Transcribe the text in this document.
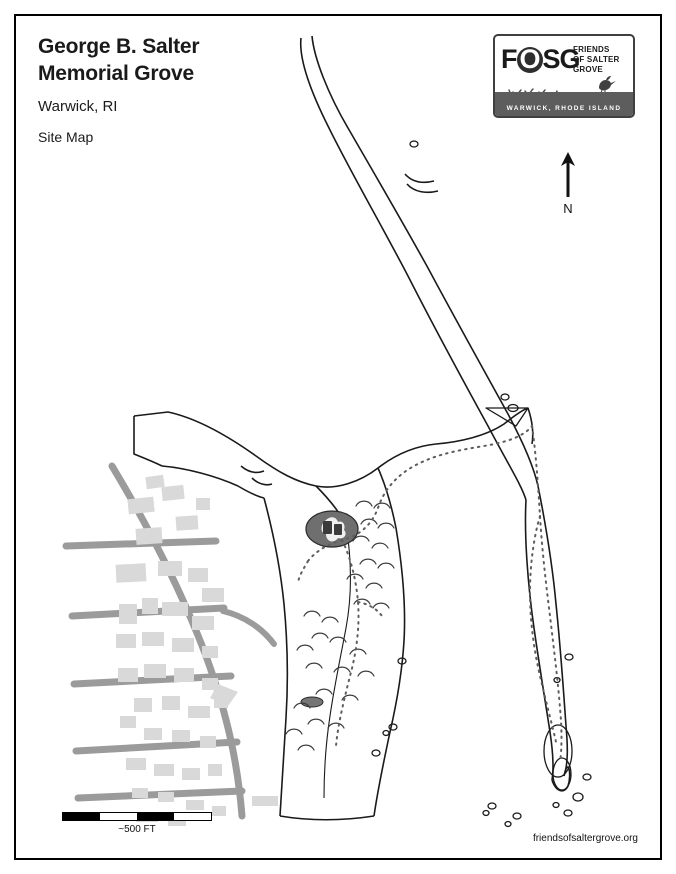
George B. Salter
Memorial Grove
Warwick, RI
Site Map
F O SG
FRIENDS
OF SALTER
GROVE
WARWICK, RHODE ISLAND
N
~500 FT
friendsofsaltergrove.org
